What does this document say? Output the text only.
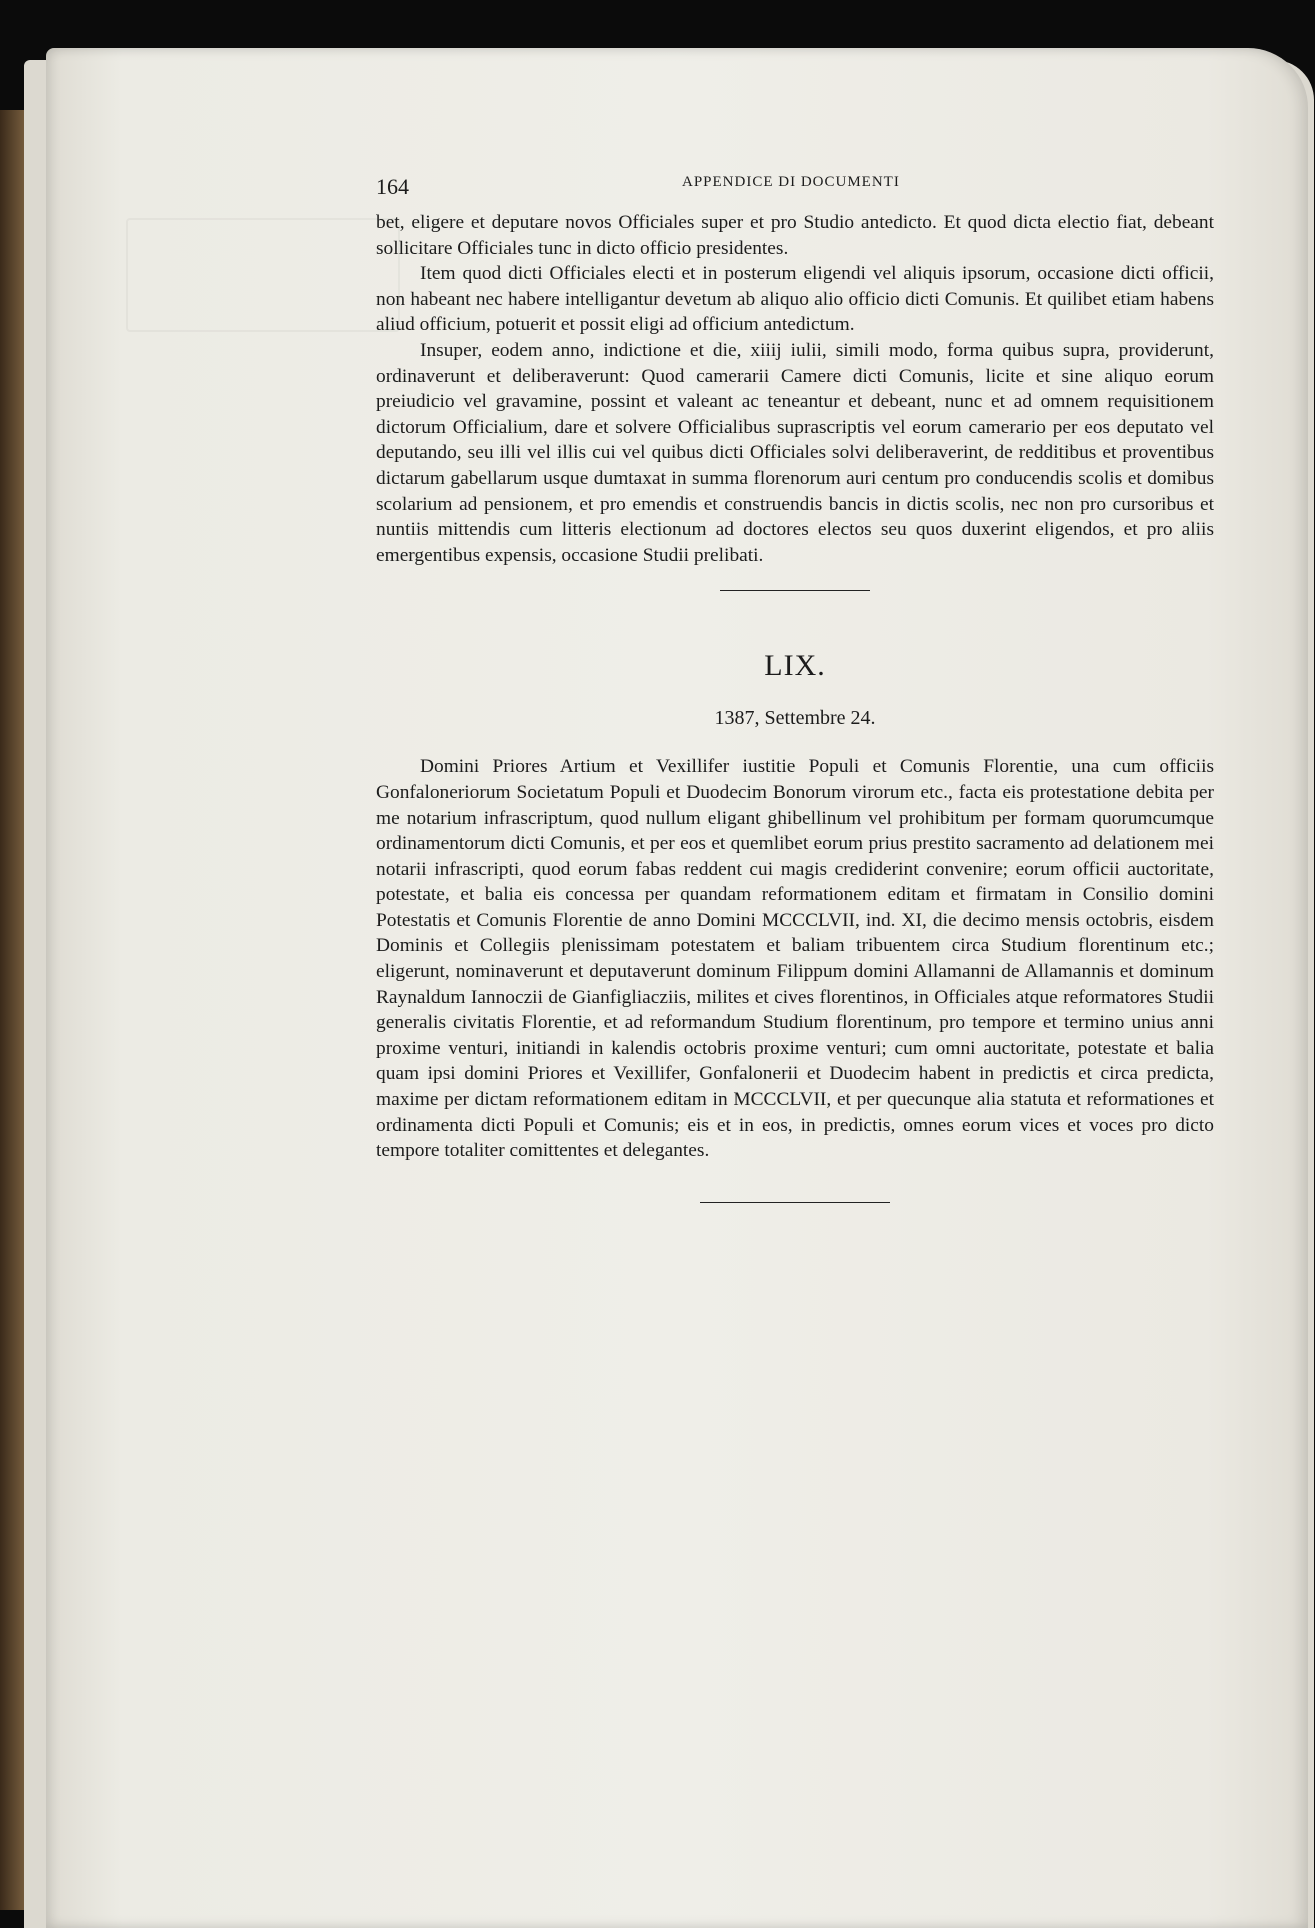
164	APPENDICE DI DOCUMENTI

bet, eligere et deputare novos Officiales super et pro Studio antedicto. Et quod dicta electio fiat, debeant sollicitare Officiales tunc in dicto officio presidentes.

Item quod dicti Officiales electi et in posterum eligendi vel aliquis ipsorum, occasione dicti officii, non habeant nec habere intelligantur devetum ab aliquo alio officio dicti Comunis. Et quilibet etiam habens aliud officium, potuerit et possit eligi ad officium antedictum.

Insuper, eodem anno, indictione et die, xiiij iulii, simili modo, forma quibus supra, providerunt, ordinaverunt et deliberaverunt: Quod camerarii Camere dicti Comunis, licite et sine aliquo eorum preiudicio vel gravamine, possint et valeant ac teneantur et debeant, nunc et ad omnem requisitionem dictorum Officialium, dare et solvere Officialibus suprascriptis vel eorum camerario per eos deputato vel deputando, seu illi vel illis cui vel quibus dicti Officiales solvi deliberaverint, de redditibus et proventibus dictarum gabellarum usque dumtaxat in summa florenorum auri centum pro conducendis scolis et domibus scolarium ad pensionem, et pro emendis et construendis bancis in dictis scolis, nec non pro cursoribus et nuntiis mittendis cum litteris electionum ad doctores electos seu quos duxerint eligendos, et pro aliis emergentibus expensis, occasione Studii prelibati.

LIX.
1387, Settembre 24.

Domini Priores Artium et Vexillifer iustitie Populi et Comunis Florentie, una cum officiis Gonfaloneriorum Societatum Populi et Duodecim Bonorum virorum etc., facta eis protestatione debita per me notarium infrascriptum, quod nullum eligant ghibellinum vel prohibitum per formam quorumcumque ordinamentorum dicti Comunis, et per eos et quemlibet eorum prius prestito sacramento ad delationem mei notarii infrascripti, quod eorum fabas reddent cui magis crediderint convenire; eorum officii auctoritate, potestate, et balia eis concessa per quandam reformationem editam et firmatam in Consilio domini Potestatis et Comunis Florentie de anno Domini MCCCLVII, ind. XI, die decimo mensis octobris, eisdem Dominis et Collegiis plenissimam potestatem et baliam tribuentem circa Studium florentinum etc.; eligerunt, nominaverunt et deputaverunt dominum Filippum domini Allamanni de Allamannis et dominum Raynaldum Iannoczii de Gianfigliacziis, milites et cives florentinos, in Officiales atque reformatores Studii generalis civitatis Florentie, et ad reformandum Studium florentinum, pro tempore et termino unius anni proxime venturi, initiandi in kalendis octobris proxime venturi; cum omni auctoritate, potestate et balia quam ipsi domini Priores et Vexillifer, Gonfalonerii et Duodecim habent in predictis et circa predicta, maxime per dictam reformationem editam in MCCCLVII, et per quecunque alia statuta et reformationes et ordinamenta dicti Populi et Comunis; eis et in eos, in predictis, omnes eorum vices et voces pro dicto tempore totaliter comittentes et delegantes.
